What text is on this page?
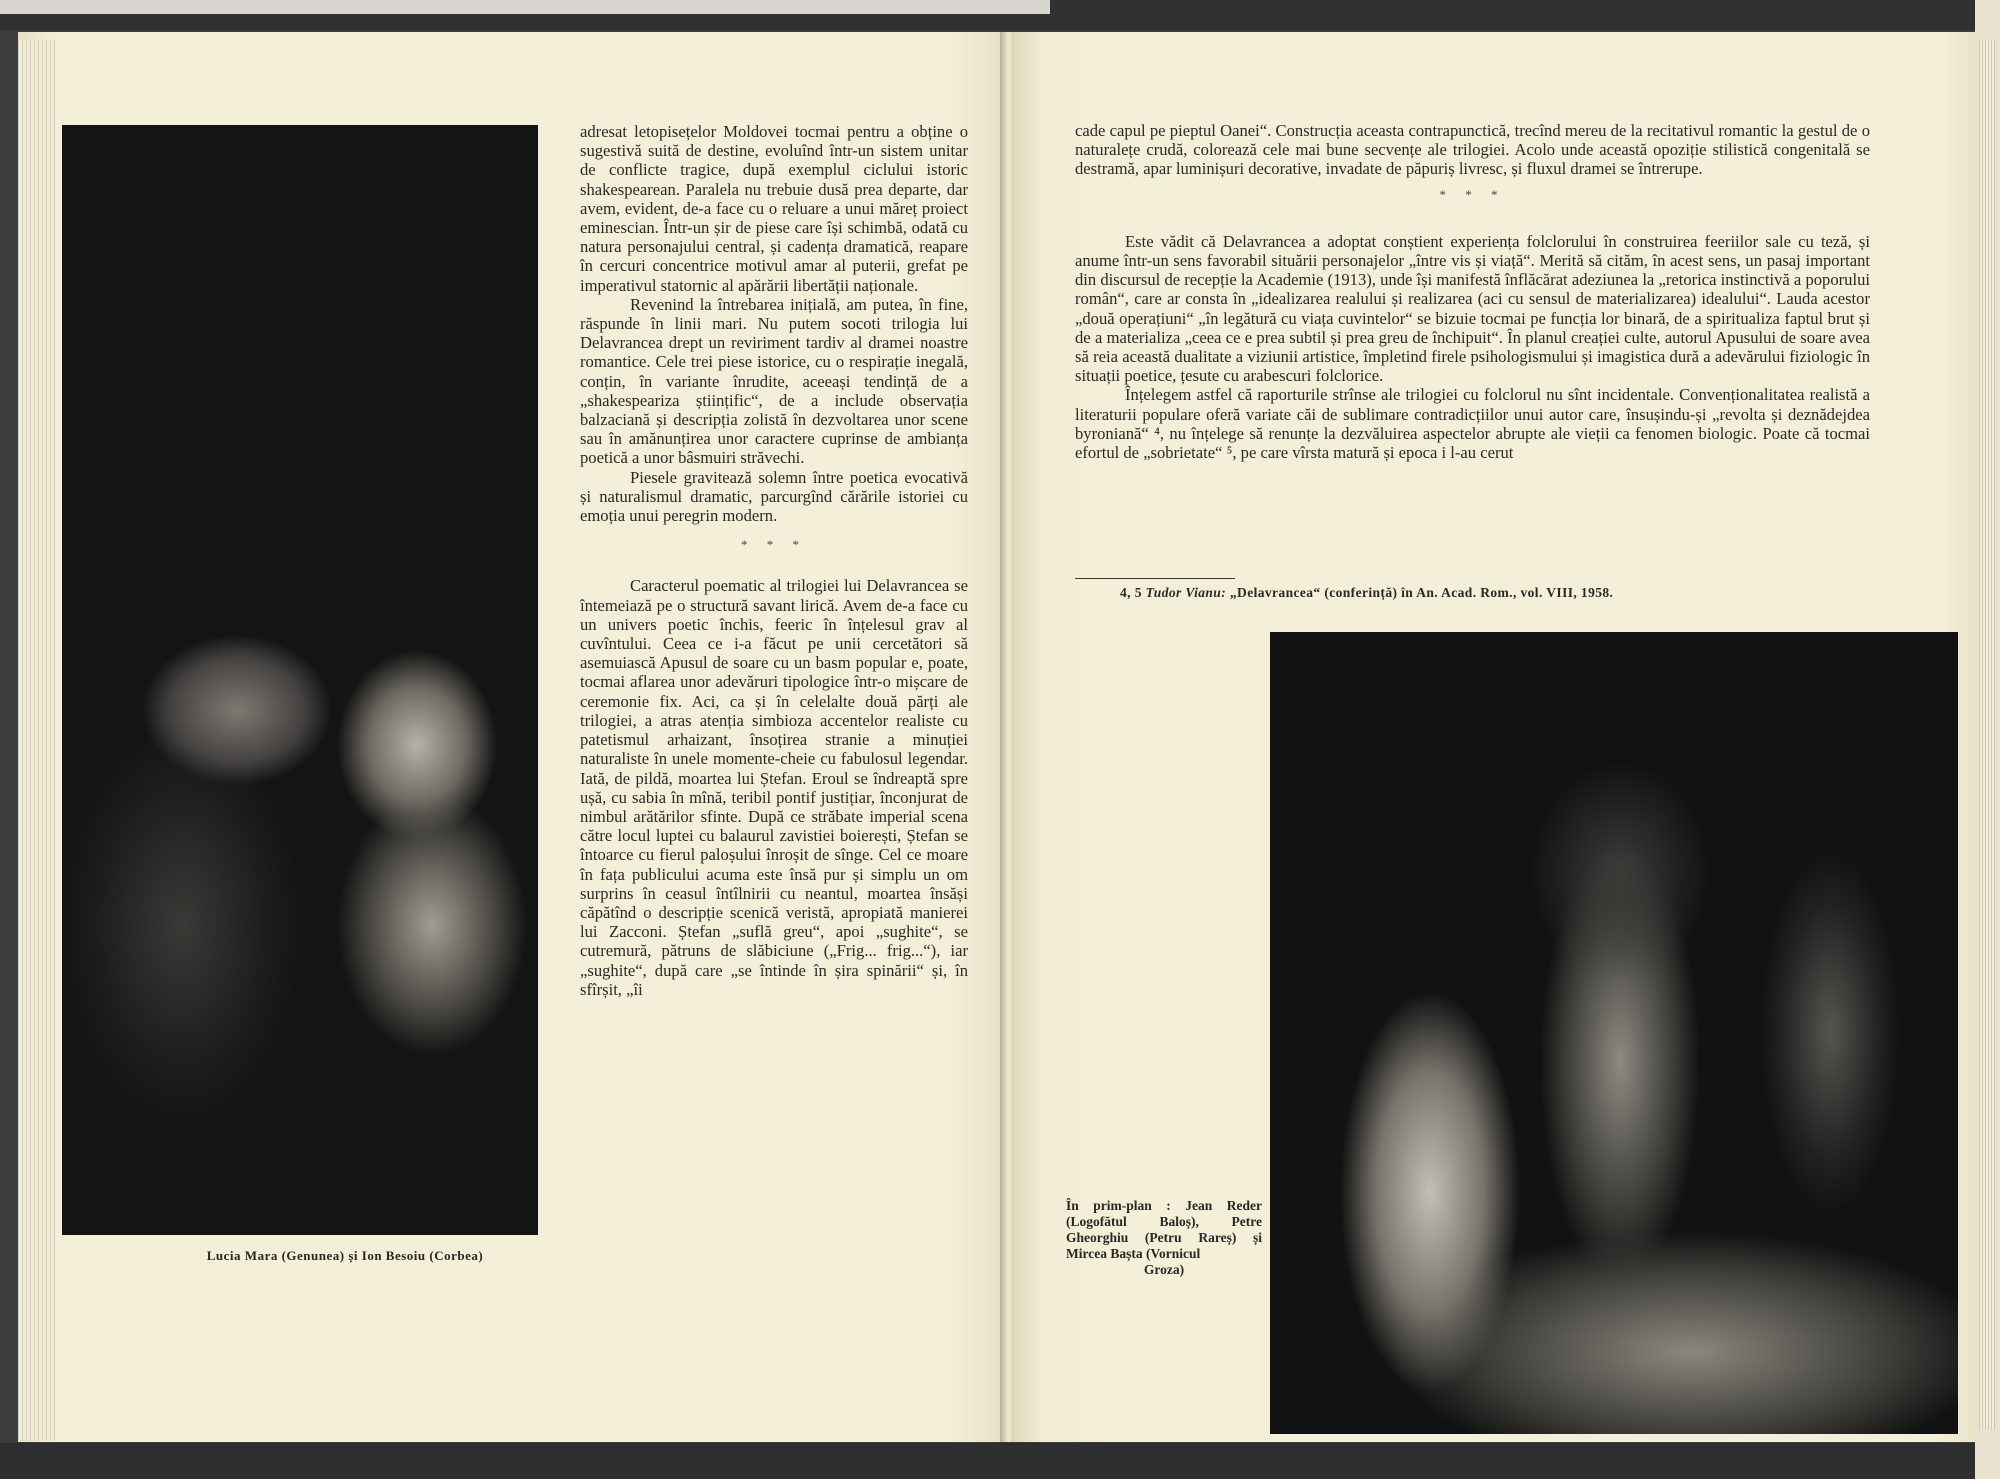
Lucia Mara (Genunea) și Ion Besoiu (Corbea)

adresat letopisețelor Moldovei tocmai pentru a obține o sugestivă suită de destine, evoluînd într-un sistem unitar de conflicte tragice, după exemplul ciclului istoric shakespearean. Paralela nu trebuie dusă prea departe, dar avem, evident, de-a face cu o reluare a unui măreț proiect eminescian. Într-un șir de piese care își schimbă, odată cu natura personajului central, și cadența dramatică, reapare în cercuri concentrice motivul amar al puterii, grefat pe imperativul statornic al apărării libertății naționale.

Revenind la întrebarea inițială, am putea, în fine, răspunde în linii mari. Nu putem socoti trilogia lui Delavrancea drept un reviriment tardiv al dramei noastre romantice. Cele trei piese istorice, cu o respirație inegală, conțin, în variante înrudite, aceeași tendință de a „shakespeariza științific“, de a include observația balzaciană și descripția zolistă în dezvoltarea unor scene sau în amănunțirea unor caractere cuprinse de ambianța poetică a unor bâsmuiri străvechi.

Piesele gravitează solemn între poetica evocativă și naturalismul dramatic, parcurgînd cărările istoriei cu emoția unui peregrin modern.

* * *

Caracterul poematic al trilogiei lui Delavrancea se întemeiază pe o structură savant lirică. Avem de-a face cu un univers poetic închis, feeric în înțelesul grav al cuvîntului. Ceea ce i-a făcut pe unii cercetători să asemuiască Apusul de soare cu un basm popular e, poate, tocmai aflarea unor adevăruri tipologice într-o mișcare de ceremonie fix. Aci, ca și în celelalte două părți ale trilogiei, a atras atenția simbioza accentelor realiste cu patetismul arhaizant, însoțirea stranie a minuției naturaliste în unele momente-cheie cu fabulosul legendar. Iată, de pildă, moartea lui Ștefan. Eroul se îndreaptă spre ușă, cu sabia în mînă, teribil pontif justițiar, înconjurat de nimbul arătărilor sfinte. După ce străbate imperial scena către locul luptei cu balaurul zavistiei boierești, Ștefan se întoarce cu fierul paloșului înroșit de sînge. Cel ce moare în fața publicului acuma este însă pur și simplu un om surprins în ceasul întîlnirii cu neantul, moartea însăși căpătînd o descripție scenică veristă, apropiată manierei lui Zacconi. Ștefan „suflă greu“, apoi „sughite“, se cutremură, pătruns de slăbiciune („Frig... frig...“), iar „sughite“, după care „se întinde în șira spinării“ și, în sfîrșit, „îi

cade capul pe pieptul Oanei“. Construcția aceasta contrapunctică, trecînd mereu de la recitativul romantic la gestul de o naturalețe crudă, colorează cele mai bune secvențe ale trilogiei. Acolo unde această opoziție stilistică congenitală se destramă, apar luminișuri decorative, invadate de păpuriș livresc, și fluxul dramei se întrerupe.

* * *

Este vădit că Delavrancea a adoptat conștient experiența folclorului în construirea feeriilor sale cu teză, și anume într-un sens favorabil situării personajelor „între vis și viață“. Merită să cităm, în acest sens, un pasaj important din discursul de recepție la Academie (1913), unde își manifestă înflăcărat adeziunea la „retorica instinctivă a poporului român“, care ar consta în „idealizarea realului și realizarea (aci cu sensul de materializarea) idealului“. Lauda acestor „două operațiuni“ „în legătură cu viața cuvintelor“ se bizuie tocmai pe funcția lor binară, de a spiritualiza faptul brut și de a materializa „ceea ce e prea subtil și prea greu de închipuit“. În planul creației culte, autorul Apusului de soare avea să reia această dualitate a viziunii artistice, împletind firele psihologismului și imagistica dură a adevărului fiziologic în situații poetice, țesute cu arabescuri folclorice.

Înțelegem astfel că raporturile strînse ale trilogiei cu folclorul nu sînt incidentale. Convenționalitatea realistă a literaturii populare oferă variate căi de sublimare contradicțiilor unui autor care, însușindu-și „revolta și deznădejdea byroniană“ ⁴, nu înțelege să renunțe la dezvăluirea aspectelor abrupte ale vieții ca fenomen biologic. Poate că tocmai efortul de „sobrietate“ ⁵, pe care vîrsta matură și epoca i l-au cerut

4, 5 Tudor Vianu: „Delavrancea“ (conferință) în An. Acad. Rom., vol. VIII, 1958.
În prim-plan : Jean Reder (Logofătul Baloș), Petre Gheorghiu (Petru Rareș) și Mircea Bașta (Vornicul
Groza)
